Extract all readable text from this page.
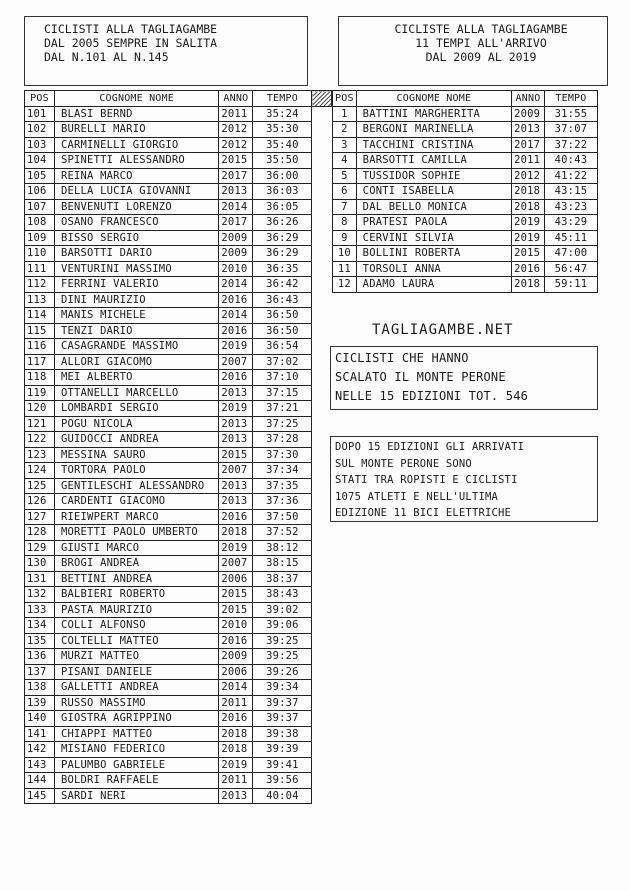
CICLISTI ALLA TAGLIAGAMBE
DAL 2005 SEMPRE IN SALITA
DAL N.101 AL N.145
CICLISTE ALLA TAGLIAGAMBE
11 TEMPI ALL'ARRIVO
DAL 2009 AL 2019
POS	COGNOME NOME	ANNO	TEMPO	
101	BLASI BERND	2011	35:24	
102	BURELLI MARIO	2012	35:30	
103	CARMINELLI GIORGIO	2012	35:40	
104	SPINETTI ALESSANDRO	2015	35:50	
105	REINA MARCO	2017	36:00	
106	DELLA LUCIA GIOVANNI	2013	36:03	
107	BENVENUTI LORENZO	2014	36:05	
108	OSANO FRANCESCO	2017	36:26	
109	BISSO SERGIO	2009	36:29	
110	BARSOTTI DARIO	2009	36:29	
111	VENTURINI MASSIMO	2010	36:35	
112	FERRINI VALERIO	2014	36:42	
113	DINI MAURIZIO	2016	36:43	
114	MANIS MICHELE	2014	36:50	
115	TENZI DARIO	2016	36:50	
116	CASAGRANDE MASSIMO	2019	36:54	
117	ALLORI GIACOMO	2007	37:02	
118	MEI ALBERTO	2016	37:10	
119	OTTANELLI MARCELLO	2013	37:15	
120	LOMBARDI SERGIO	2019	37:21	
121	POGU NICOLA	2013	37:25	
122	GUIDOCCI ANDREA	2013	37:28	
123	MESSINA SAURO	2015	37:30	
124	TORTORA PAOLO	2007	37:34	
125	GENTILESCHI ALESSANDRO	2013	37:35	
126	CARDENTI GIACOMO	2013	37:36	
127	RIEIWPERT MARCO	2016	37:50	
128	MORETTI PAOLO UMBERTO	2018	37:52	
129	GIUSTI MARCO	2019	38:12	
130	BROGI ANDREA	2007	38:15	
131	BETTINI ANDREA	2006	38:37	
132	BALBIERI ROBERTO	2015	38:43	
133	PASTA MAURIZIO	2015	39:02	
134	COLLI ALFONSO	2010	39:06	
135	COLTELLI MATTEO	2016	39:25	
136	MURZI MATTEO	2009	39:25	
137	PISANI DANIELE	2006	39:26	
138	GALLETTI ANDREA	2014	39:34	
139	RUSSO MASSIMO	2011	39:37	
140	GIOSTRA AGRIPPINO	2016	39:37	
141	CHIAPPI MATTEO	2018	39:38	
142	MISIANO FEDERICO	2018	39:39	
143	PALUMBO GABRIELE	2019	39:41	
144	BOLDRI RAFFAELE	2011	39:56	
145	SARDI NERI	2013	40:04	
POS	COGNOME NOME	ANNO	TEMPO
1	BATTINI MARGHERITA	2009	31:55
2	BERGONI MARINELLA	2013	37:07
3	TACCHINI CRISTINA	2017	37:22
4	BARSOTTI CAMILLA	2011	40:43
5	TUSSIDOR SOPHIE	2012	41:22
6	CONTI ISABELLA	2018	43:15
7	DAL BELLO MONICA	2018	43:23
8	PRATESI PAOLA	2019	43:29
9	CERVINI SILVIA	2019	45:11
10	BOLLINI ROBERTA	2015	47:00
11	TORSOLI ANNA	2016	56:47
12	ADAMO LAURA	2018	59:11
TAGLIAGAMBE.NET
CICLISTI CHE HANNO
SCALATO IL MONTE PERONE
NELLE 15 EDIZIONI TOT. 546
DOPO 15 EDIZIONI GLI ARRIVATI
SUL MONTE PERONE SONO
STATI TRA ROPISTI E CICLISTI
1075 ATLETI E NELL'ULTIMA
EDIZIONE 11 BICI ELETTRICHE
